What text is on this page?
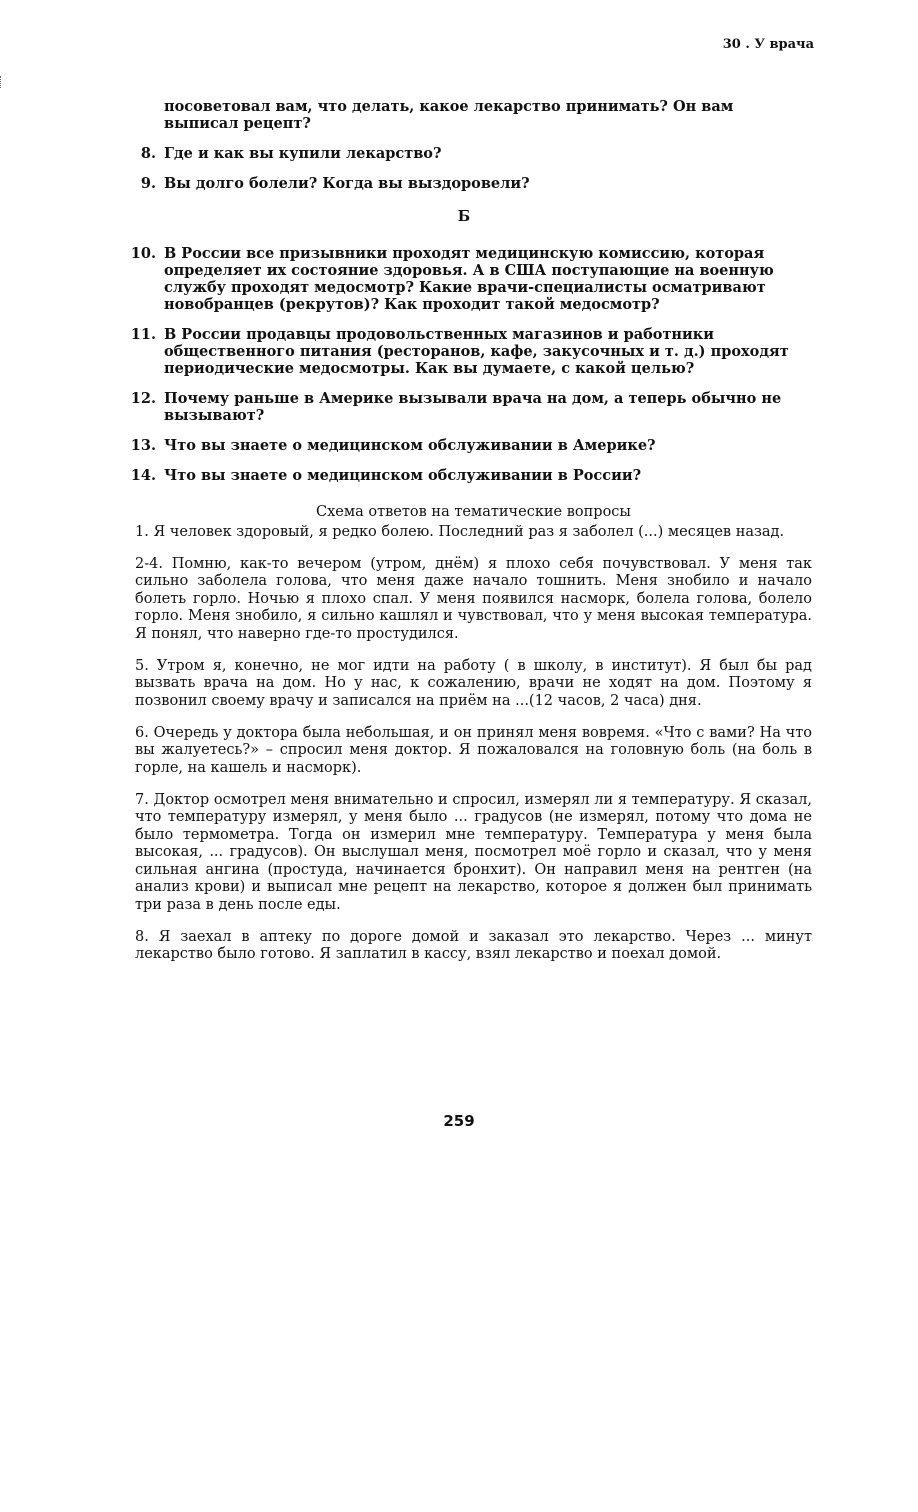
30 . У врача
посоветовал вам, что делать, какое лекарство принимать? Он вам выписал рецепт?
8. Где и как вы купили лекарство?
9. Вы долго болели? Когда вы выздоровели?
Б
10. В России все призывники проходят медицинскую комиссию, которая определяет их состояние здоровья. А в США поступающие на военную службу проходят медосмотр? Какие врачи-специалисты осматривают новобранцев (рекрутов)? Как проходит такой медосмотр?
11. В России продавцы продовольственных магазинов и работники общественного питания (ресторанов, кафе, закусочных и т. д.) проходят периодические медосмотры. Как вы думаете, с какой целью?
12. Почему раньше в Америке вызывали врача на дом, а теперь обычно не вызывают?
13. Что вы знаете о медицинском обслуживании в Америке?
14. Что вы знаете о медицинском обслуживании в России?
Схема ответов на тематические вопросы

1. Я человек здоровый, я редко болею. Последний раз я заболел (...) месяцев назад.

2-4. Помню, как-то вечером (утром, днём) я плохо себя почувствовал. У меня так сильно заболела голова, что меня даже начало тошнить. Меня знобило и начало болеть горло. Ночью я плохо спал. У меня появился насморк, болела голова, болело горло. Меня знобило, я сильно кашлял и чувствовал, что у меня высокая температура. Я понял, что наверно где-то простудился.

5. Утром я, конечно, не мог идти на работу ( в школу, в институт). Я был бы рад вызвать врача на дом. Но у нас, к сожалению, врачи не ходят на дом. Поэтому я позвонил своему врачу и записался на приём на ...(12 часов, 2 часа) дня.

6. Очередь у доктора была небольшая, и он принял меня вовремя. «Что с вами? На что вы жалуетесь?» – спросил меня доктор. Я пожаловался на головную боль (на боль в горле, на кашель и насморк).

7. Доктор осмотрел меня внимательно и спросил, измерял ли я температуру. Я сказал, что температуру измерял, у меня было ... градусов (не измерял, потому что дома не было термометра. Тогда он измерил мне температуру. Температура у меня была высокая, ... градусов). Он выслушал меня, посмотрел моё горло и сказал, что у меня сильная ангина (простуда, начинается бронхит). Он направил меня на рентген (на анализ крови) и выписал мне рецепт на лекарство, которое я должен был принимать три раза в день после еды.

8. Я заехал в аптеку по дороге домой и заказал это лекарство. Через ... минут лекарство было готово. Я заплатил в кассу, взял лекарство и поехал домой.

259
